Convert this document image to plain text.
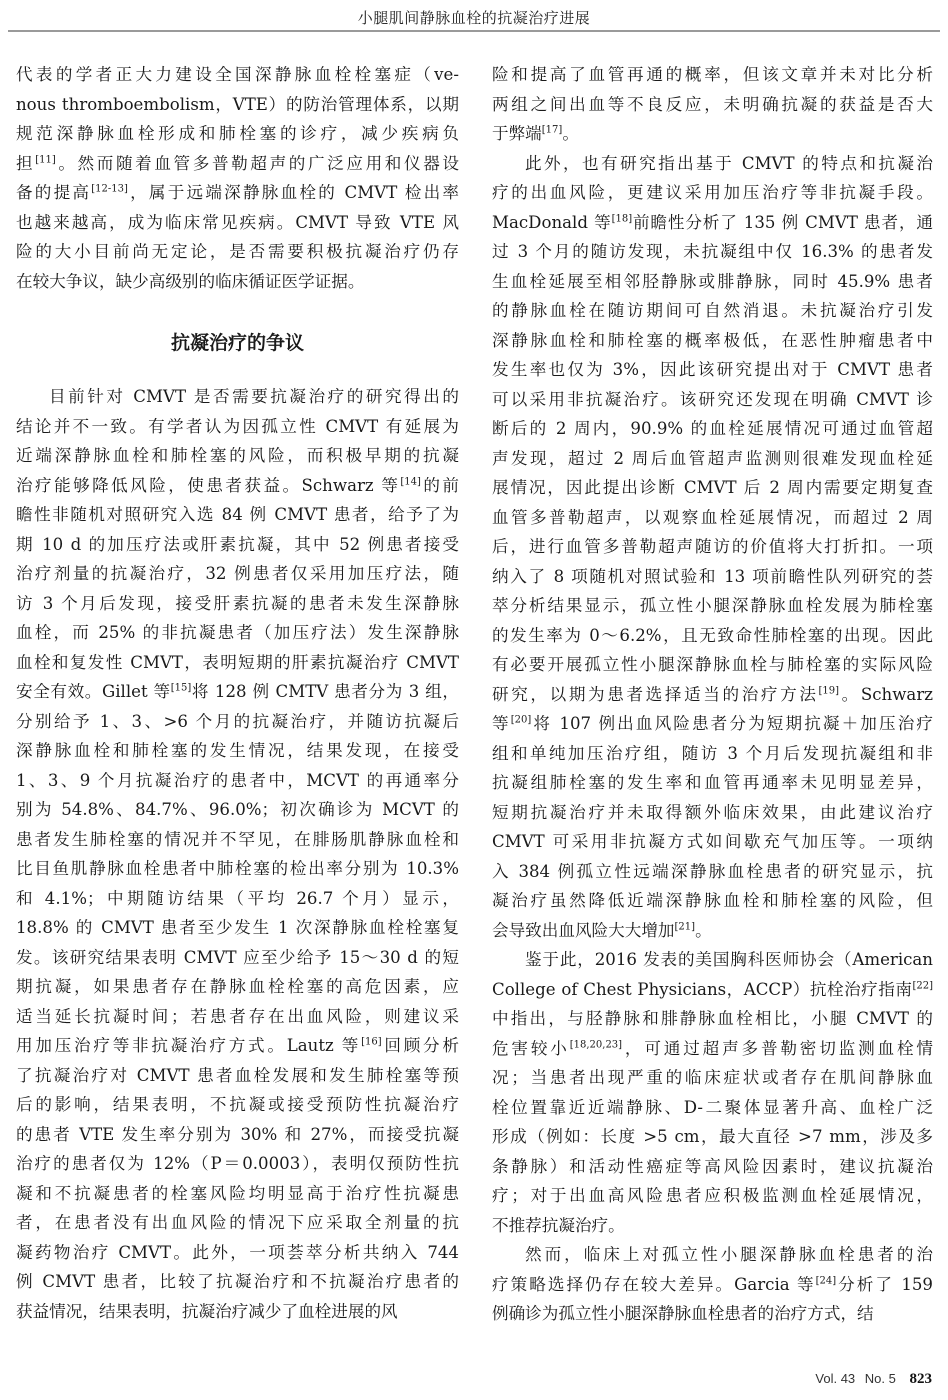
小腿肌间静脉血栓的抗凝治疗进展
代表的学者正大力建设全国深静脉血栓栓塞症（ve-
nous thromboembolism，VTE）的防治管理体系，以期
规范深静脉血栓形成和肺栓塞的诊疗，减少疾病负
担[11]。然而随着血管多普勒超声的广泛应用和仪器设
备的提高[12-13]，属于远端深静脉血栓的 CMVT 检出率
也越来越高，成为临床常见疾病。CMVT 导致 VTE 风
险的大小目前尚无定论，是否需要积极抗凝治疗仍存
在较大争议，缺少高级别的临床循证医学证据。
目前针对 CMVT 是否需要抗凝治疗的研究得出的
结论并不一致。有学者认为因孤立性 CMVT 有延展为
近端深静脉血栓和肺栓塞的风险，而积极早期的抗凝
治疗能够降低风险，使患者获益。Schwarz 等[14]的前
瞻性非随机对照研究入选 84 例 CMVT 患者，给予了为
期 10 d 的加压疗法或肝素抗凝，其中 52 例患者接受
治疗剂量的抗凝治疗，32 例患者仅采用加压疗法，随
访 3 个月后发现，接受肝素抗凝的患者未发生深静脉
血栓，而 25% 的非抗凝患者（加压疗法）发生深静脉
血栓和复发性 CMVT，表明短期的肝素抗凝治疗 CMVT
安全有效。Gillet 等[15]将 128 例 CMTV 患者分为 3 组，
分别给予 1、3、>6 个月的抗凝治疗，并随访抗凝后
深静脉血栓和肺栓塞的发生情况，结果发现，在接受
1、3、9 个月抗凝治疗的患者中，MCVT 的再通率分
别为 54.8%、84.7%、96.0%；初次确诊为 MCVT 的
患者发生肺栓塞的情况并不罕见，在腓肠肌静脉血栓和
比目鱼肌静脉血栓患者中肺栓塞的检出率分别为 10.3%
和 4.1%；中期随访结果（平均 26.7 个月）显示，
18.8% 的 CMVT 患者至少发生 1 次深静脉血栓栓塞复
发。该研究结果表明 CMVT 应至少给予 15～30 d 的短
期抗凝，如果患者存在静脉血栓栓塞的高危因素，应
适当延长抗凝时间；若患者存在出血风险，则建议采
用加压治疗等非抗凝治疗方式。Lautz 等[16]回顾分析
了抗凝治疗对 CMVT 患者血栓发展和发生肺栓塞等预
后的影响，结果表明，不抗凝或接受预防性抗凝治疗
的患者 VTE 发生率分别为 30% 和 27%，而接受抗凝
治疗的患者仅为 12%（P＝0.0003），表明仅预防性抗
凝和不抗凝患者的栓塞风险均明显高于治疗性抗凝患
者，在患者没有出血风险的情况下应采取全剂量的抗
凝药物治疗 CMVT。此外，一项荟萃分析共纳入 744
例 CMVT 患者，比较了抗凝治疗和不抗凝治疗患者的
获益情况，结果表明，抗凝治疗减少了血栓进展的风
抗凝治疗的争议
险和提高了血管再通的概率，但该文章并未对比分析
两组之间出血等不良反应，未明确抗凝的获益是否大
于弊端[17]。
此外，也有研究指出基于 CMVT 的特点和抗凝治
疗的出血风险，更建议采用加压治疗等非抗凝手段。
MacDonald 等[18]前瞻性分析了 135 例 CMVT 患者，通
过 3 个月的随访发现，未抗凝组中仅 16.3% 的患者发
生血栓延展至相邻胫静脉或腓静脉，同时 45.9% 患者
的静脉血栓在随访期间可自然消退。未抗凝治疗引发
深静脉血栓和肺栓塞的概率极低，在恶性肿瘤患者中
发生率也仅为 3%，因此该研究提出对于 CMVT 患者
可以采用非抗凝治疗。该研究还发现在明确 CMVT 诊
断后的 2 周内，90.9% 的血栓延展情况可通过血管超
声发现，超过 2 周后血管超声监测则很难发现血栓延
展情况，因此提出诊断 CMVT 后 2 周内需要定期复查
血管多普勒超声，以观察血栓延展情况，而超过 2 周
后，进行血管多普勒超声随访的价值将大打折扣。一项
纳入了 8 项随机对照试验和 13 项前瞻性队列研究的荟
萃分析结果显示，孤立性小腿深静脉血栓发展为肺栓塞
的发生率为 0～6.2%，且无致命性肺栓塞的出现。因此
有必要开展孤立性小腿深静脉血栓与肺栓塞的实际风险
研究，以期为患者选择适当的治疗方法[19]。Schwarz
等[20]将 107 例出血风险患者分为短期抗凝＋加压治疗
组和单纯加压治疗组，随访 3 个月后发现抗凝组和非
抗凝组肺栓塞的发生率和血管再通率未见明显差异，
短期抗凝治疗并未取得额外临床效果，由此建议治疗
CMVT 可采用非抗凝方式如间歇充气加压等。一项纳
入 384 例孤立性远端深静脉血栓患者的研究显示，抗
凝治疗虽然降低近端深静脉血栓和肺栓塞的风险，但
会导致出血风险大大增加[21]。
鉴于此，2016 发表的美国胸科医师协会（American
College of Chest Physicians，ACCP）抗栓治疗指南[22]
中指出，与胫静脉和腓静脉血栓相比，小腿 CMVT 的
危害较小[18,20,23]，可通过超声多普勒密切监测血栓情
况；当患者出现严重的临床症状或者存在肌间静脉血
栓位置靠近近端静脉、D-二聚体显著升高、血栓广泛
形成（例如：长度 >5 cm，最大直径 >7 mm，涉及多
条静脉）和活动性癌症等高风险因素时，建议抗凝治
疗；对于出血高风险患者应积极监测血栓延展情况，
不推荐抗凝治疗。
然而，临床上对孤立性小腿深静脉血栓患者的治
疗策略选择仍存在较大差异。Garcia 等[24]分析了 159
例确诊为孤立性小腿深静脉血栓患者的治疗方式，结
Vol. 43 No. 5 823
